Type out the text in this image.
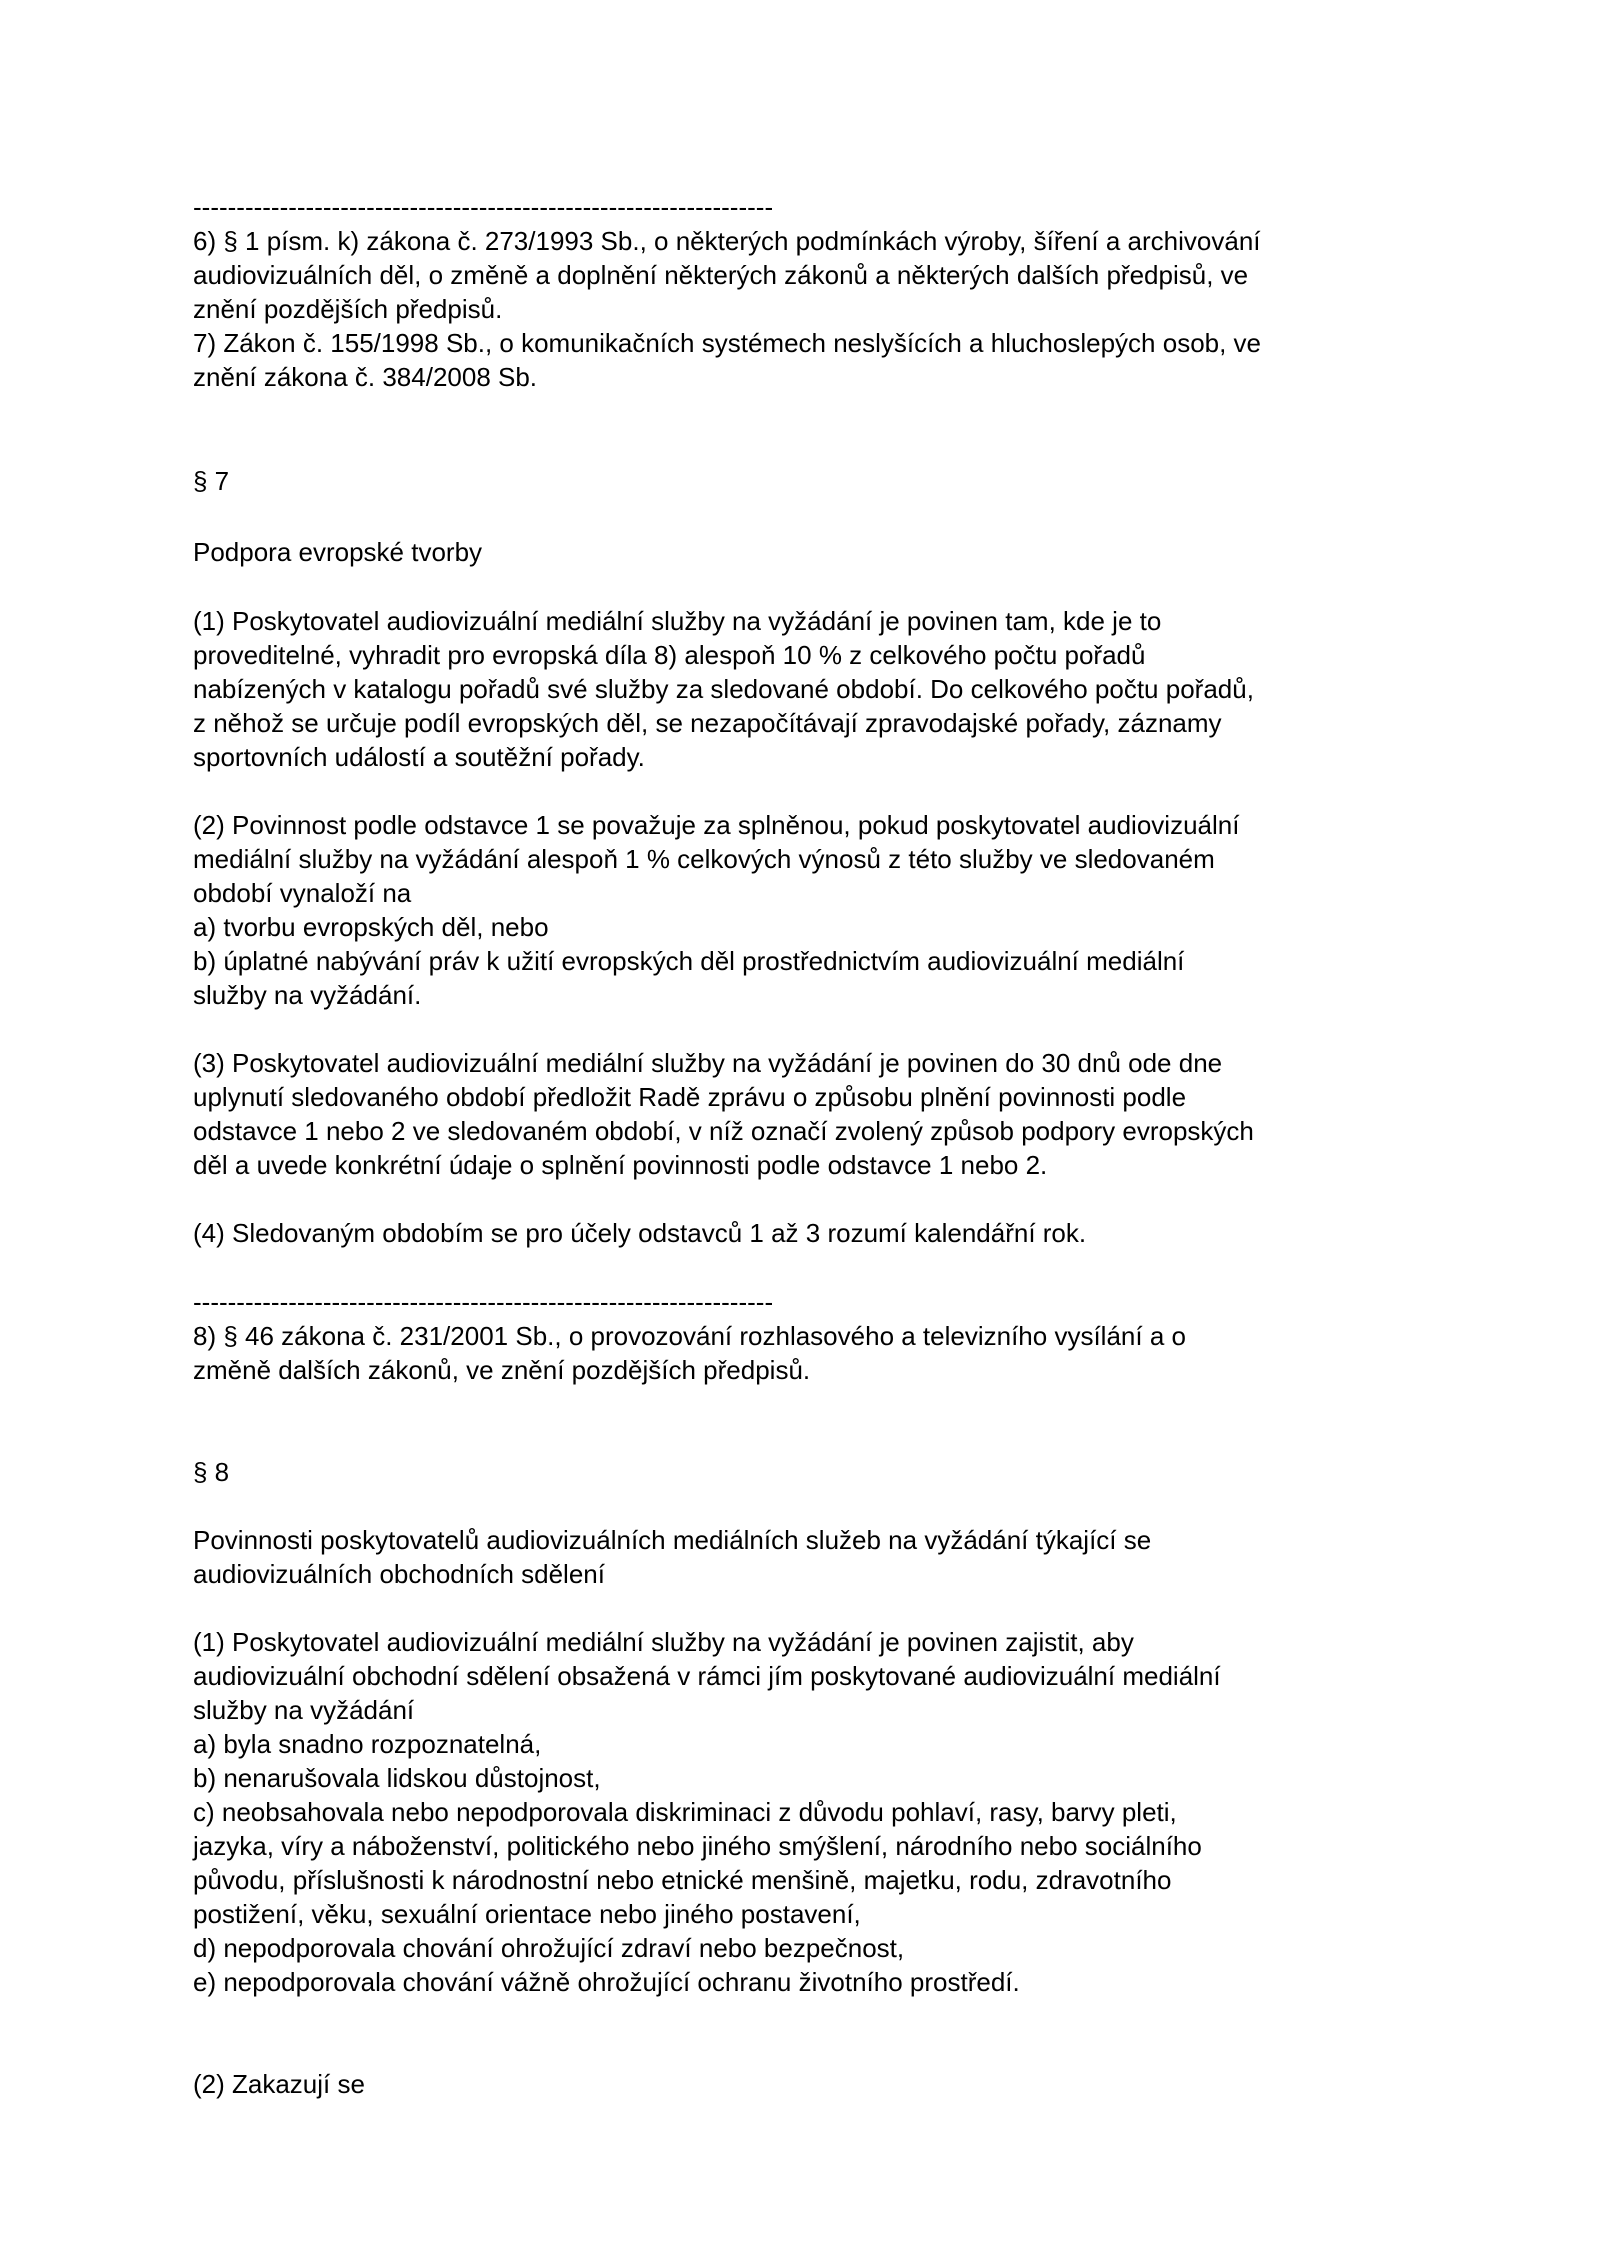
-------------------------------------------------------------------
6) § 1 písm. k) zákona č. 273/1993 Sb., o některých podmínkách výroby, šíření a archivování
audiovizuálních děl, o změně a doplnění některých zákonů a některých dalších předpisů, ve
znění pozdějších předpisů.
7) Zákon č. 155/1998 Sb., o komunikačních systémech neslyšících a hluchoslepých osob, ve
znění zákona č. 384/2008 Sb.
§ 7
Podpora evropské tvorby
(1) Poskytovatel audiovizuální mediální služby na vyžádání je povinen tam, kde je to
proveditelné, vyhradit pro evropská díla 8) alespoň 10 % z celkového počtu pořadů
nabízených v katalogu pořadů své služby za sledované období. Do celkového počtu pořadů,
z něhož se určuje podíl evropských děl, se nezapočítávají zpravodajské pořady, záznamy
sportovních událostí a soutěžní pořady.
(2) Povinnost podle odstavce 1 se považuje za splněnou, pokud poskytovatel audiovizuální
mediální služby na vyžádání alespoň 1 % celkových výnosů z této služby ve sledovaném
období vynaloží na
a) tvorbu evropských děl, nebo
b) úplatné nabývání práv k užití evropských děl prostřednictvím audiovizuální mediální
služby na vyžádání.
(3) Poskytovatel audiovizuální mediální služby na vyžádání je povinen do 30 dnů ode dne
uplynutí sledovaného období předložit Radě zprávu o způsobu plnění povinnosti podle
odstavce 1 nebo 2 ve sledovaném období, v níž označí zvolený způsob podpory evropských
děl a uvede konkrétní údaje o splnění povinnosti podle odstavce 1 nebo 2.
(4) Sledovaným obdobím se pro účely odstavců 1 až 3 rozumí kalendářní rok.
-------------------------------------------------------------------
8) § 46 zákona č. 231/2001 Sb., o provozování rozhlasového a televizního vysílání a o
změně dalších zákonů, ve znění pozdějších předpisů.
§ 8
Povinnosti poskytovatelů audiovizuálních mediálních služeb na vyžádání týkající se
audiovizuálních obchodních sdělení
(1) Poskytovatel audiovizuální mediální služby na vyžádání je povinen zajistit, aby
audiovizuální obchodní sdělení obsažená v rámci jím poskytované audiovizuální mediální
služby na vyžádání
a) byla snadno rozpoznatelná,
b) nenarušovala lidskou důstojnost,
c) neobsahovala nebo nepodporovala diskriminaci z důvodu pohlaví, rasy, barvy pleti,
jazyka, víry a náboženství, politického nebo jiného smýšlení, národního nebo sociálního
původu, příslušnosti k národnostní nebo etnické menšině, majetku, rodu, zdravotního
postižení, věku, sexuální orientace nebo jiného postavení,
d) nepodporovala chování ohrožující zdraví nebo bezpečnost,
e) nepodporovala chování vážně ohrožující ochranu životního prostředí.
(2) Zakazují se
